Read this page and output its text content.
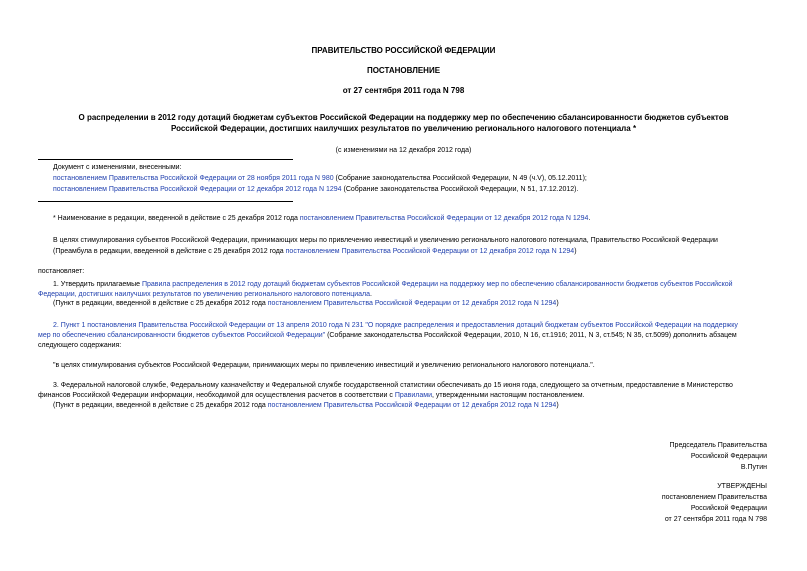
ПРАВИТЕЛЬСТВО РОССИЙСКОЙ ФЕДЕРАЦИИ
ПОСТАНОВЛЕНИЕ
от 27 сентября 2011 года N 798
О распределении в 2012 году дотаций бюджетам субъектов Российской Федерации на поддержку мер по обеспечению сбалансированности бюджетов субъектов
Российской Федерации, достигших наилучших результатов по увеличению регионального налогового потенциала *
(с изменениями на 12 декабря 2012 года)
Документ с изменениями, внесенными:
постановлением Правительства Российской Федерации от 28 ноября 2011 года N 980 (Собрание законодательства Российской Федерации, N 49 (ч.V), 05.12.2011);
постановлением Правительства Российской Федерации от 12 декабря 2012 года N 1294 (Собрание законодательства Российской Федерации, N 51, 17.12.2012).
* Наименование в редакции, введенной в действие с 25 декабря 2012 года постановлением Правительства Российской Федерации от 12 декабря 2012 года N 1294.
В целях стимулирования субъектов Российской Федерации, принимающих меры по привлечению инвестиций и увеличению регионального налогового потенциала, Правительство Российской Федерации
(Преамбула в редакции, введенной в действие с 25 декабря 2012 года постановлением Правительства Российской Федерации от 12 декабря 2012 года N 1294)
постановляет:
1. Утвердить прилагаемые Правила распределения в 2012 году дотаций бюджетам субъектов Российской Федерации на поддержку мер по обеспечению сбалансированности бюджетов субъектов Российской
Федерации, достигших наилучших результатов по увеличению регионального налогового потенциала.
(Пункт в редакции, введенной в действие с 25 декабря 2012 года постановлением Правительства Российской Федерации от 12 декабря 2012 года N 1294)
2. Пункт 1 постановления Правительства Российской Федерации от 13 апреля 2010 года N 231 "О порядке распределения и предоставления дотаций бюджетам субъектов Российской Федерации на поддержку
мер по обеспечению сбалансированности бюджетов субъектов Российской Федерации" (Собрание законодательства Российской Федерации, 2010, N 16, ст.1916; 2011, N 3, ст.545; N 35, ст.5099) дополнить абзацем
следующего содержания:
"в целях стимулирования субъектов Российской Федерации, принимающих меры по привлечению инвестиций и увеличению регионального налогового потенциала.".
3. Федеральной налоговой службе, Федеральному казначейству и Федеральной службе государственной статистики обеспечивать до 15 июня года, следующего за отчетным, предоставление в Министерство
финансов Российской Федерации информации, необходимой для осуществления расчетов в соответствии с Правилами, утвержденными настоящим постановлением.
(Пункт в редакции, введенной в действие с 25 декабря 2012 года постановлением Правительства Российской Федерации от 12 декабря 2012 года N 1294)
Председатель Правительства
Российской Федерации
В.Путин
УТВЕРЖДЕНЫ
постановлением Правительства
Российской Федерации
от 27 сентября 2011 года N 798
